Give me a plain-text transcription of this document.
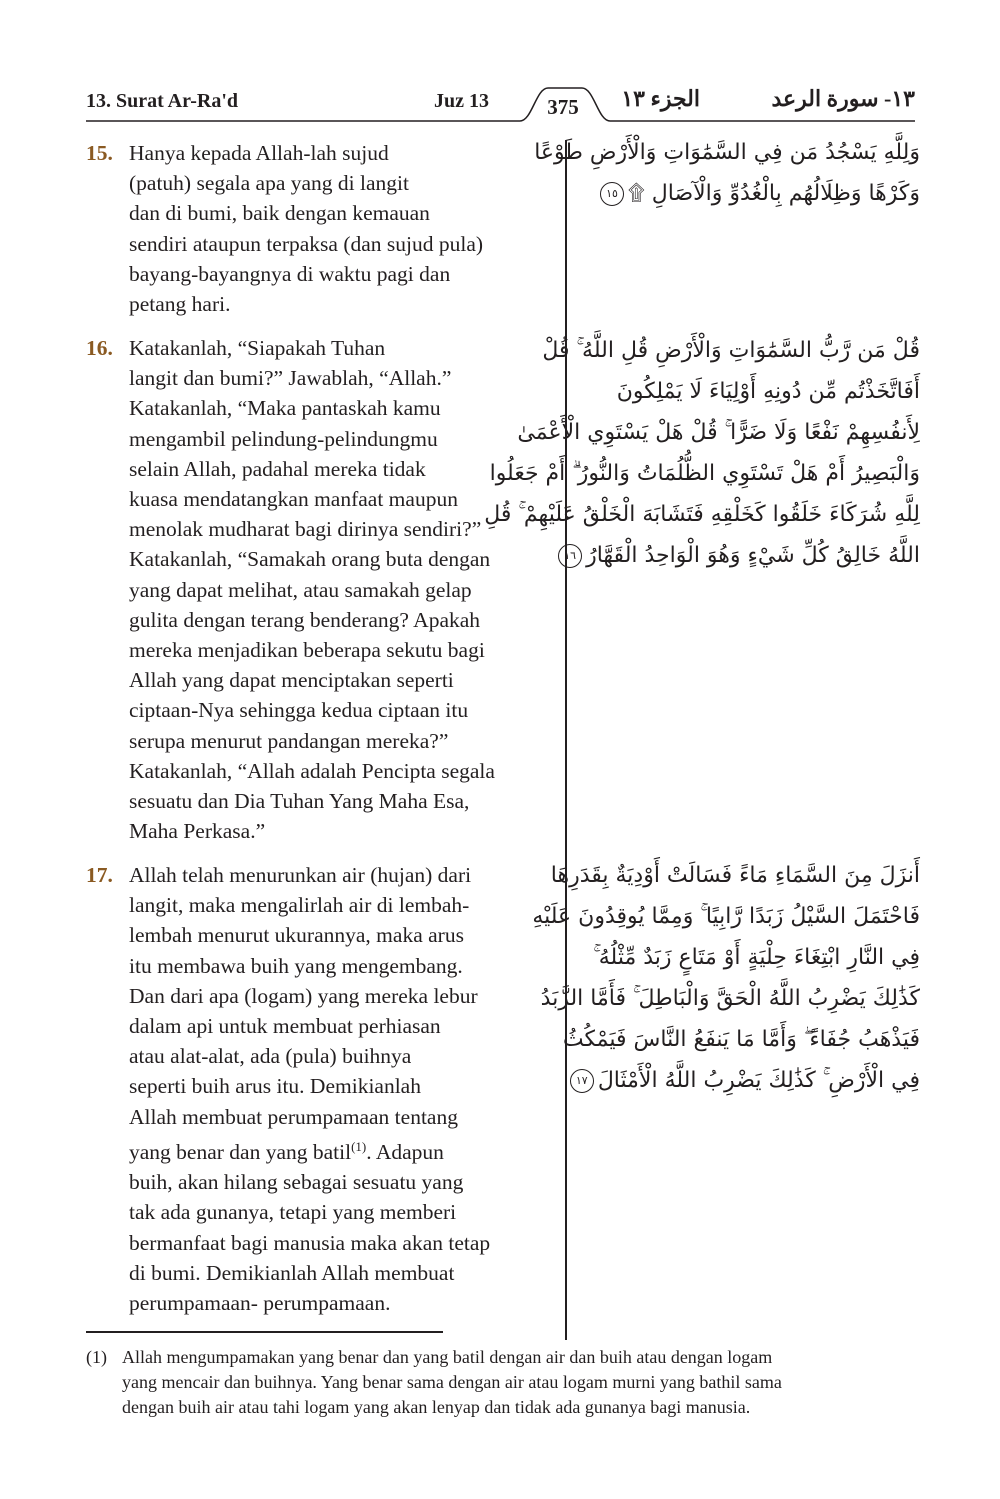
13. Surat Ar-Ra'd	Juz 13	375	الجزء ١٣	١٣- سورة الرعد
15. Hanya kepada Allah-lah sujud
(patuh) segala apa yang di langit
dan di bumi, baik dengan kemauan
sendiri ataupun terpaksa (dan sujud pula)
bayang-bayangnya di waktu pagi dan
petang hari.
وَلِلَّهِ يَسْجُدُ مَن فِي السَّمَٰوَاتِ وَالْأَرْضِ طَوْعًا
وَكَرْهًا وَظِلَالُهُم بِالْغُدُوِّ وَالْآصَالِ ۩١٥
16. Katakanlah, “Siapakah Tuhan
langit dan bumi?” Jawablah, “Allah.”
Katakanlah, “Maka pantaskah kamu
mengambil pelindung-pelindungmu
selain Allah, padahal mereka tidak
kuasa mendatangkan manfaat maupun
menolak mudharat bagi dirinya sendiri?”
Katakanlah, “Samakah orang buta dengan
yang dapat melihat, atau samakah gelap
gulita dengan terang benderang? Apakah
mereka menjadikan beberapa sekutu bagi
Allah yang dapat menciptakan seperti
ciptaan-Nya sehingga kedua ciptaan itu
serupa menurut pandangan mereka?”
Katakanlah, “Allah adalah Pencipta segala
sesuatu dan Dia Tuhan Yang Maha Esa,
Maha Perkasa.”
قُلْ مَن رَّبُّ السَّمَٰوَاتِ وَالْأَرْضِ قُلِ اللَّهُ ۚ قُلْ
أَفَاتَّخَذْتُم مِّن دُونِهِ أَوْلِيَاءَ لَا يَمْلِكُونَ
لِأَنفُسِهِمْ نَفْعًا وَلَا ضَرًّا ۚ قُلْ هَلْ يَسْتَوِي الْأَعْمَىٰ
وَالْبَصِيرُ أَمْ هَلْ تَسْتَوِي الظُّلُمَاتُ وَالنُّورُ ۗ أَمْ جَعَلُوا
لِلَّهِ شُرَكَاءَ خَلَقُوا كَخَلْقِهِ فَتَشَابَهَ الْخَلْقُ عَلَيْهِمْ ۚ قُلِ
اللَّهُ خَالِقُ كُلِّ شَيْءٍ وَهُوَ الْوَاحِدُ الْقَهَّارُ١٦
17. Allah telah menurunkan air (hujan) dari
langit, maka mengalirlah air di lembah-
lembah menurut ukurannya, maka arus
itu membawa buih yang mengembang.
Dan dari apa (logam) yang mereka lebur
dalam api untuk membuat perhiasan
atau alat-alat, ada (pula) buihnya
seperti buih arus itu. Demikianlah
Allah membuat perumpamaan tentang
yang benar dan yang batil$^{(1)}$. Adapun
buih, akan hilang sebagai sesuatu yang
tak ada gunanya, tetapi yang memberi
bermanfaat bagi manusia maka akan tetap
di bumi. Demikianlah Allah membuat
perumpamaan- perumpamaan.
أَنزَلَ مِنَ السَّمَاءِ مَاءً فَسَالَتْ أَوْدِيَةٌ بِقَدَرِهَا
فَاحْتَمَلَ السَّيْلُ زَبَدًا رَّابِيًا ۚ وَمِمَّا يُوقِدُونَ عَلَيْهِ
فِي النَّارِ ابْتِغَاءَ حِلْيَةٍ أَوْ مَتَاعٍ زَبَدٌ مِّثْلُهُ ۚ
كَذَٰلِكَ يَضْرِبُ اللَّهُ الْحَقَّ وَالْبَاطِلَ ۚ فَأَمَّا الزَّبَدُ
فَيَذْهَبُ جُفَاءً ۖ وَأَمَّا مَا يَنفَعُ النَّاسَ فَيَمْكُثُ
فِي الْأَرْضِ ۚ كَذَٰلِكَ يَضْرِبُ اللَّهُ الْأَمْثَالَ١٧
(1) Allah mengumpamakan yang benar dan yang batil dengan air dan buih atau dengan logam
yang mencair dan buihnya. Yang benar sama dengan air atau logam murni yang bathil sama
dengan buih air atau tahi logam yang akan lenyap dan tidak ada gunanya bagi manusia.
